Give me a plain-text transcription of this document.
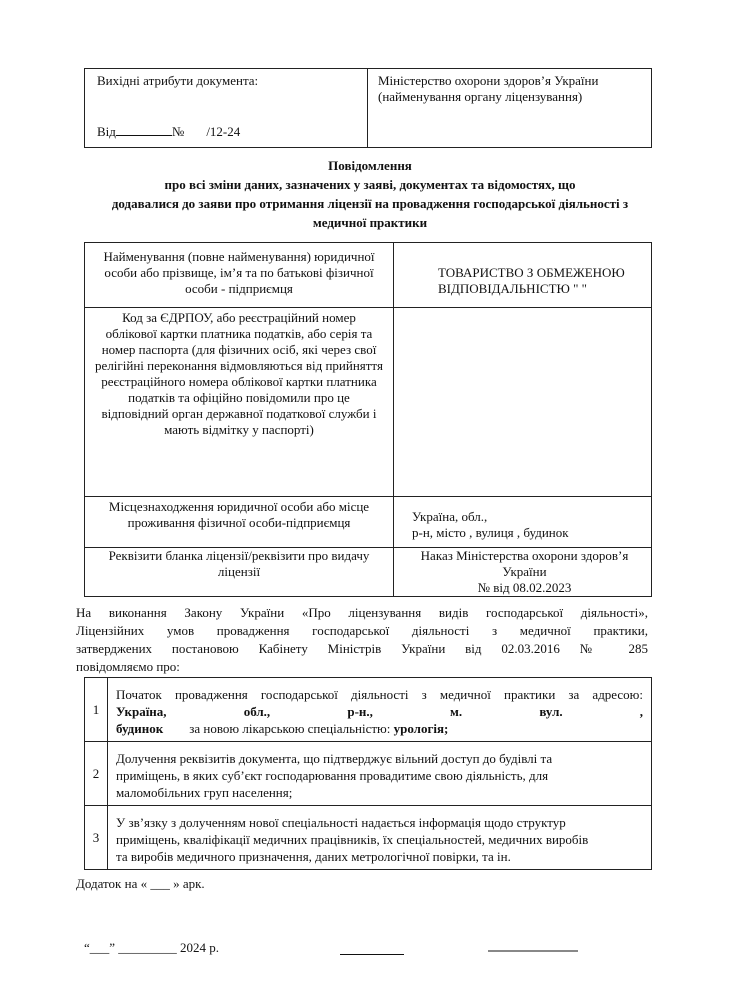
Вихідні атрибути документа:
Від	№ /12-24
	Міністерство охорони здоров’я України (найменування органу ліцензування)
Повідомлення
про всі зміни даних, зазначених у заяві, документах та відомостях, що
додавалися до заяви про отримання ліцензії на провадження господарської діяльності з
медичної практики
Найменування (повне найменування) юридичної особи або прізвище, ім’я та по батькові фізичної особи - підприємця	ТОВАРИСТВО З ОБМЕЖЕНОЮ ВІДПОВІДАЛЬНІСТЮ " "
Код за ЄДРПОУ, або реєстраційний номер облікової картки платника податків, або серія та номер паспорта (для фізичних осіб, які через свої релігійні переконання відмовляються від прийняття реєстраційного номера облікової картки платника податків та офіційно повідомили про це відповідний орган державної податкової служби і мають відмітку у паспорті)	
Місцезнаходження юридичної особи або місце проживання фізичної особи-підприємця	Україна, обл.,
р-н, місто , вулиця , будинок

Реквізити бланка ліцензії/реквізити про видачу ліцензії	Наказ Міністерства охорони здоров’я України
№ від 08.02.2023
На виконання Закону України «Про ліцензування видів господарської діяльності»,
Ліцензійних умов провадження господарської діяльності з медичної практики,
затверджених постановою Кабінету Міністрів України від 02.03.2016 № 285
повідомляємо про:
1	Початок провадження господарської діяльності з медичної практики за адресою:
Україна, обл., р-н., м. вул. ,
будинок за новою лікарською спеціальністю: урологія;

2	Долучення реквізитів документа, що підтверджує вільний доступ до будівлі та
приміщень, в яких суб’єкт господарювання провадитиме свою діяльність, для
маломобільних груп населення;

3	У зв’язку з долученням нової спеціальності надається інформація щодо структур
приміщень, кваліфікації медичних працівників, їх спеціальностей, медичних виробів
та виробів медичного призначення, даних метрологічної повірки, та ін.
Додаток на « ___ » арк.
“___” _________ 2024 р.
